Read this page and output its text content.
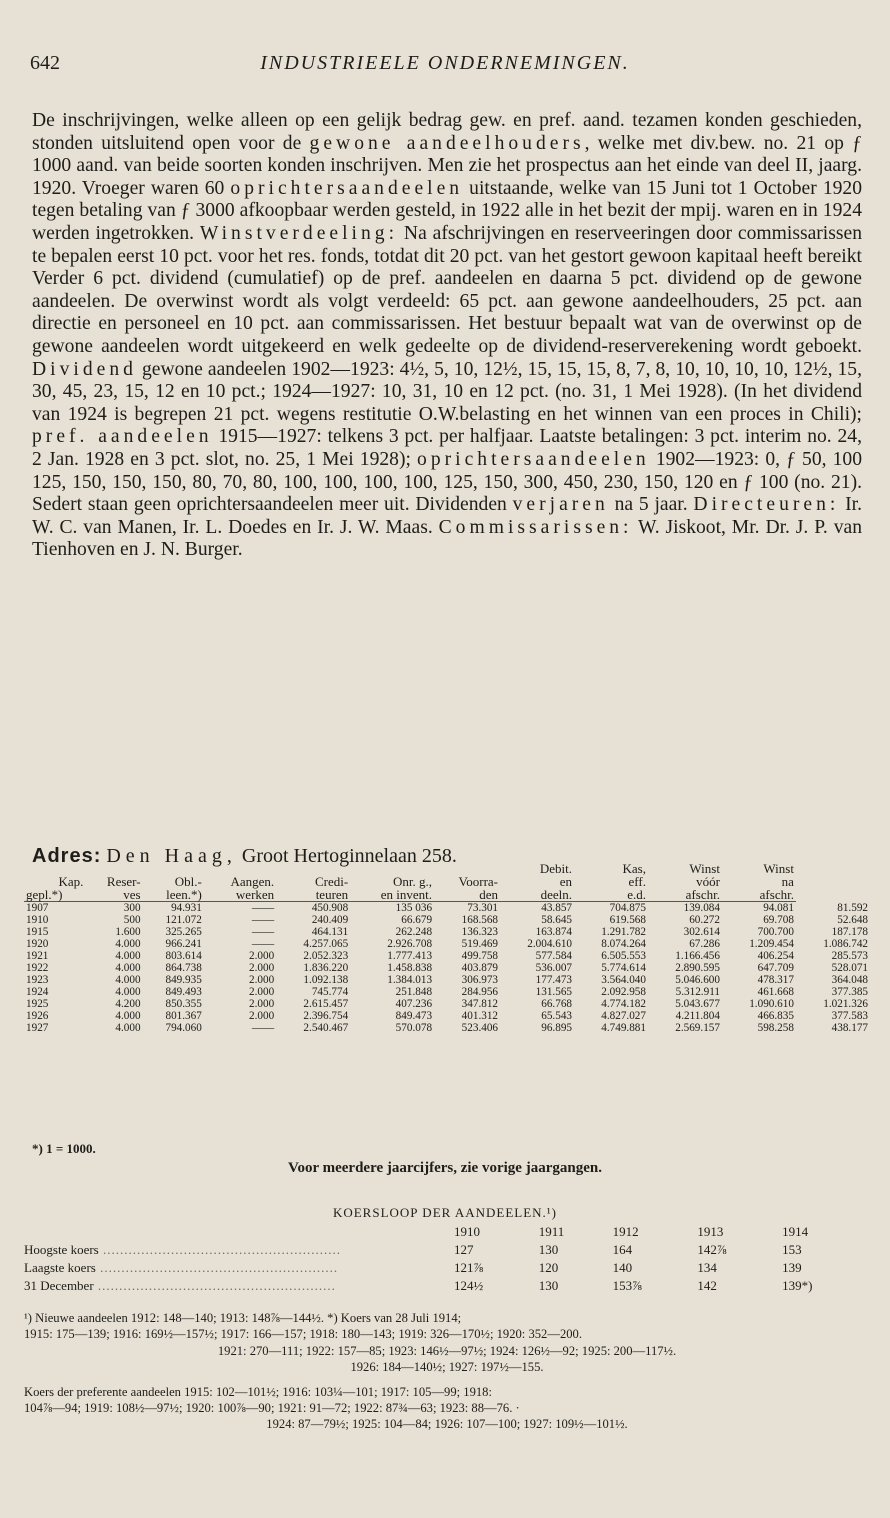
642	INDUSTRIEELE ONDERNEMINGEN.

De inschrijvingen, welke alleen op een gelijk bedrag gew. en pref. aand. tezamen konden geschieden, stonden uitsluitend open voor de gewone aandeelhouders, welke met div.bew. no. 21 op ƒ 1000 aand. van beide soorten konden inschrijven. Men zie het prospectus aan het einde van deel II, jaarg. 1920. Vroeger waren 60 oprichtersaandeelen uitstaande, welke van 15 Juni tot 1 October 1920 tegen betaling van ƒ 3000 afkoopbaar werden gesteld, in 1922 alle in het bezit der mpij. waren en in 1924 werden ingetrokken. Winstverdeeling: Na afschrijvingen en reserveeringen door commissarissen te bepalen eerst 10 pct. voor het res. fonds, totdat dit 20 pct. van het gestort gewoon kapitaal heeft bereikt Verder 6 pct. dividend (cumulatief) op de pref. aandeelen en daarna 5 pct. dividend op de gewone aandeelen. De overwinst wordt als volgt verdeeld: 65 pct. aan gewone aandeelhouders, 25 pct. aan directie en personeel en 10 pct. aan commissarissen. Het bestuur bepaalt wat van de overwinst op de gewone aandeelen wordt uitgekeerd en welk gedeelte op de dividend-reserverekening wordt geboekt. Dividend gewone aandeelen 1902—1923: 4½, 5, 10, 12½, 15, 15, 15, 8, 7, 8, 10, 10, 10, 10, 12½, 15, 30, 45, 23, 15, 12 en 10 pct.; 1924—1927: 10, 31, 10 en 12 pct. (no. 31, 1 Mei 1928). (In het dividend van 1924 is begrepen 21 pct. wegens restitutie O.W.belasting en het winnen van een proces in Chili); pref. aandeelen 1915—1927: telkens 3 pct. per halfjaar. Laatste betalingen: 3 pct. interim no. 24, 2 Jan. 1928 en 3 pct. slot, no. 25, 1 Mei 1928); oprichtersaandeelen 1902—1923: 0, ƒ 50, 100 125, 150, 150, 150, 80, 70, 80, 100, 100, 100, 100, 125, 150, 300, 450, 230, 150, 120 en ƒ 100 (no. 21). Sedert staan geen oprichtersaandeelen meer uit. Dividenden verjaren na 5 jaar. Directeuren: Ir. W. C. van Manen, Ir. L. Doedes en Ir. J. W. Maas. Commissarissen: W. Jiskoot, Mr. Dr. J. P. van Tienhoven en J. N. Burger.

Adres: Den Haag, Groot Hertoginnelaan 258.
							Debit.	Kas,	Winst	Winst	
Kap.	Reser-	Obl.-	Aangen.	Credi-	Onr. g.,	Voorra-	en	eff.	vóór	na	
gepl.*)	ves	leen.*)	werken	teuren	en invent.	den	deeln.	e.d.	afschr.	afschr.	
1907	300	94.931	——	450.908	135 036	73.301	43.857	704.875	139.084	94.081	81.592
1910	500	121.072	——	240.409	66.679	168.568	58.645	619.568	60.272	69.708	52.648
1915	1.600	325.265	——	464.131	262.248	136.323	163.874	1.291.782	302.614	700.700	187.178
1920	4.000	966.241	——	4.257.065	2.926.708	519.469	2.004.610	8.074.264	67.286	1.209.454	1.086.742
1921	4.000	803.614	2.000	2.052.323	1.777.413	499.758	577.584	6.505.553	1.166.456	406.254	285.573
1922	4.000	864.738	2.000	1.836.220	1.458.838	403.879	536.007	5.774.614	2.890.595	647.709	528.071
1923	4.000	849.935	2.000	1.092.138	1.384.013	306.973	177.473	3.564.040	5.046.600	478.317	364.048
1924	4.000	849.493	2.000	745.774	251.848	284.956	131.565	2.092.958	5.312.911	461.668	377.385
1925	4.200	850.355	2.000	2.615.457	407.236	347.812	66.768	4.774.182	5.043.677	1.090.610	1.021.326
1926	4.000	801.367	2.000	2.396.754	849.473	401.312	65.543	4.827.027	4.211.804	466.835	377.583
1927	4.000	794.060	——	2.540.467	570.078	523.406	96.895	4.749.881	2.569.157	598.258	438.177
*) 1 = 1000.
Voor meerdere jaarcijfers, zie vorige jaargangen.
KOERSLOOP DER AANDEELEN.¹)
	1910	1911	1912	1913	1914
Hoogste koers ........................................................	127	130	164	142⅞	153
Laagste koers ........................................................	121⅞	120	140	134	139
31 December ........................................................	124½	130	153⅞	142	139*)

¹) Nieuwe aandeelen 1912: 148—140; 1913: 148⅞—144½. *) Koers van 28 Juli 1914;

1915: 175—139; 1916: 169½—157½; 1917: 166—157; 1918: 180—143; 1919: 326—170½; 1920: 352—200.

1921: 270—111; 1922: 157—85; 1923: 146½—97½; 1924: 126½—92; 1925: 200—117½.

1926: 184—140½; 1927: 197½—155.

Koers der preferente aandeelen 1915: 102—101½; 1916: 103¼—101; 1917: 105—99; 1918:

104⅞—94; 1919: 108½—97½; 1920: 100⅞—90; 1921: 91—72; 1922: 87¾—63; 1923: 88—76. ·

1924: 87—79½; 1925: 104—84; 1926: 107—100; 1927: 109½—101½.
